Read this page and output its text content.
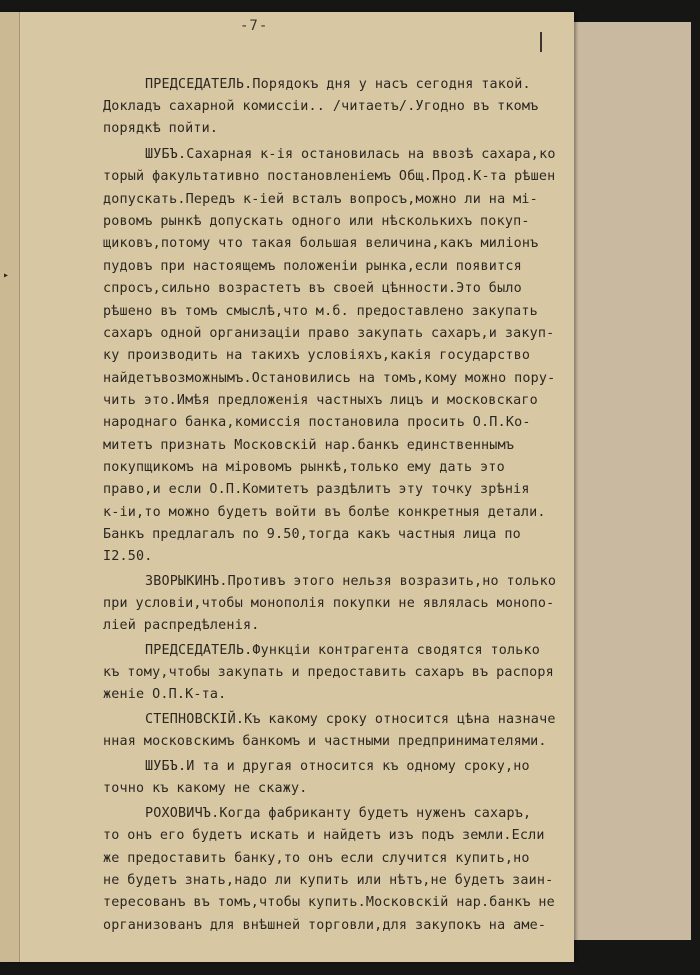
-7-
▸
ПРЕДСЕДАТЕЛЬ.Порядокъ дня у насъ сегодня такой.
Докладъ сахарной комиссiи.. /читаетъ/.Угодно въ ткомъ
порядкѣ пойти.
ШУБЪ.Сахарная к-iя остановилась на ввозѣ сахара,ко
торый факультативно постановленiемъ Общ.Прод.К-та рѣшен
допускать.Передъ к-iей всталъ вопросъ,можно ли на мi-
ровомъ рынкѣ допускать одного или нѣсколькихъ покуп-
щиковъ,потому что такая большая величина,какъ милiонъ
пудовъ при настоящемъ положенiи рынка,если появится
спросъ,сильно возрастетъ въ своей цѣнности.Это было
рѣшено въ томъ смыслѣ,что м.б. предоставлено закупать
сахаръ одной организацiи право закупать сахаръ,и закуп-
ку производить на такихъ условiяхъ,какiя государство
найдетъвозможнымъ.Остановились на томъ,кому можно пору-
чить это.Имѣя предложенiя частныхъ лицъ и московскаго
народнаго банка,комиссiя постановила просить О.П.Ко-
митетъ признать Московскiй нар.банкъ единственнымъ
покупщикомъ на мiровомъ рынкѣ,только ему дать это
право,и если О.П.Комитетъ раздѣлитъ эту точку зрѣнiя
к-iи,то можно будетъ войти въ болѣе конкретныя детали.
Банкъ предлагалъ по 9.50,тогда какъ частныя лица по
I2.50.
ЗВОРЫКИНЪ.Противъ этого нельзя возразить,но только
при условiи,чтобы монополiя покупки не являлась монопо-
лiей распредѣленiя.
ПРЕДСЕДАТЕЛЬ.Функцiи контрагента сводятся только
къ тому,чтобы закупать и предоставить сахаръ въ распоря
женiе О.П.К-та.
СТЕПНОВСКIЙ.Къ какому сроку относится цѣна назначе
нная московскимъ банкомъ и частными предпринимателями.
ШУБЪ.И та и другая относится къ одному сроку,но
точно къ какому не скажу.
РОХОВИЧЪ.Когда фабриканту будетъ нуженъ сахаръ,
то онъ его будетъ искать и найдетъ изъ подъ земли.Если
же предоставить банку,то онъ если случится купить,но
не будетъ знать,надо ли купить или нѣтъ,не будетъ заин-
тересованъ въ томъ,чтобы купить.Московскiй нар.банкъ не
организованъ для внѣшней торговли,для закупокъ на аме-
